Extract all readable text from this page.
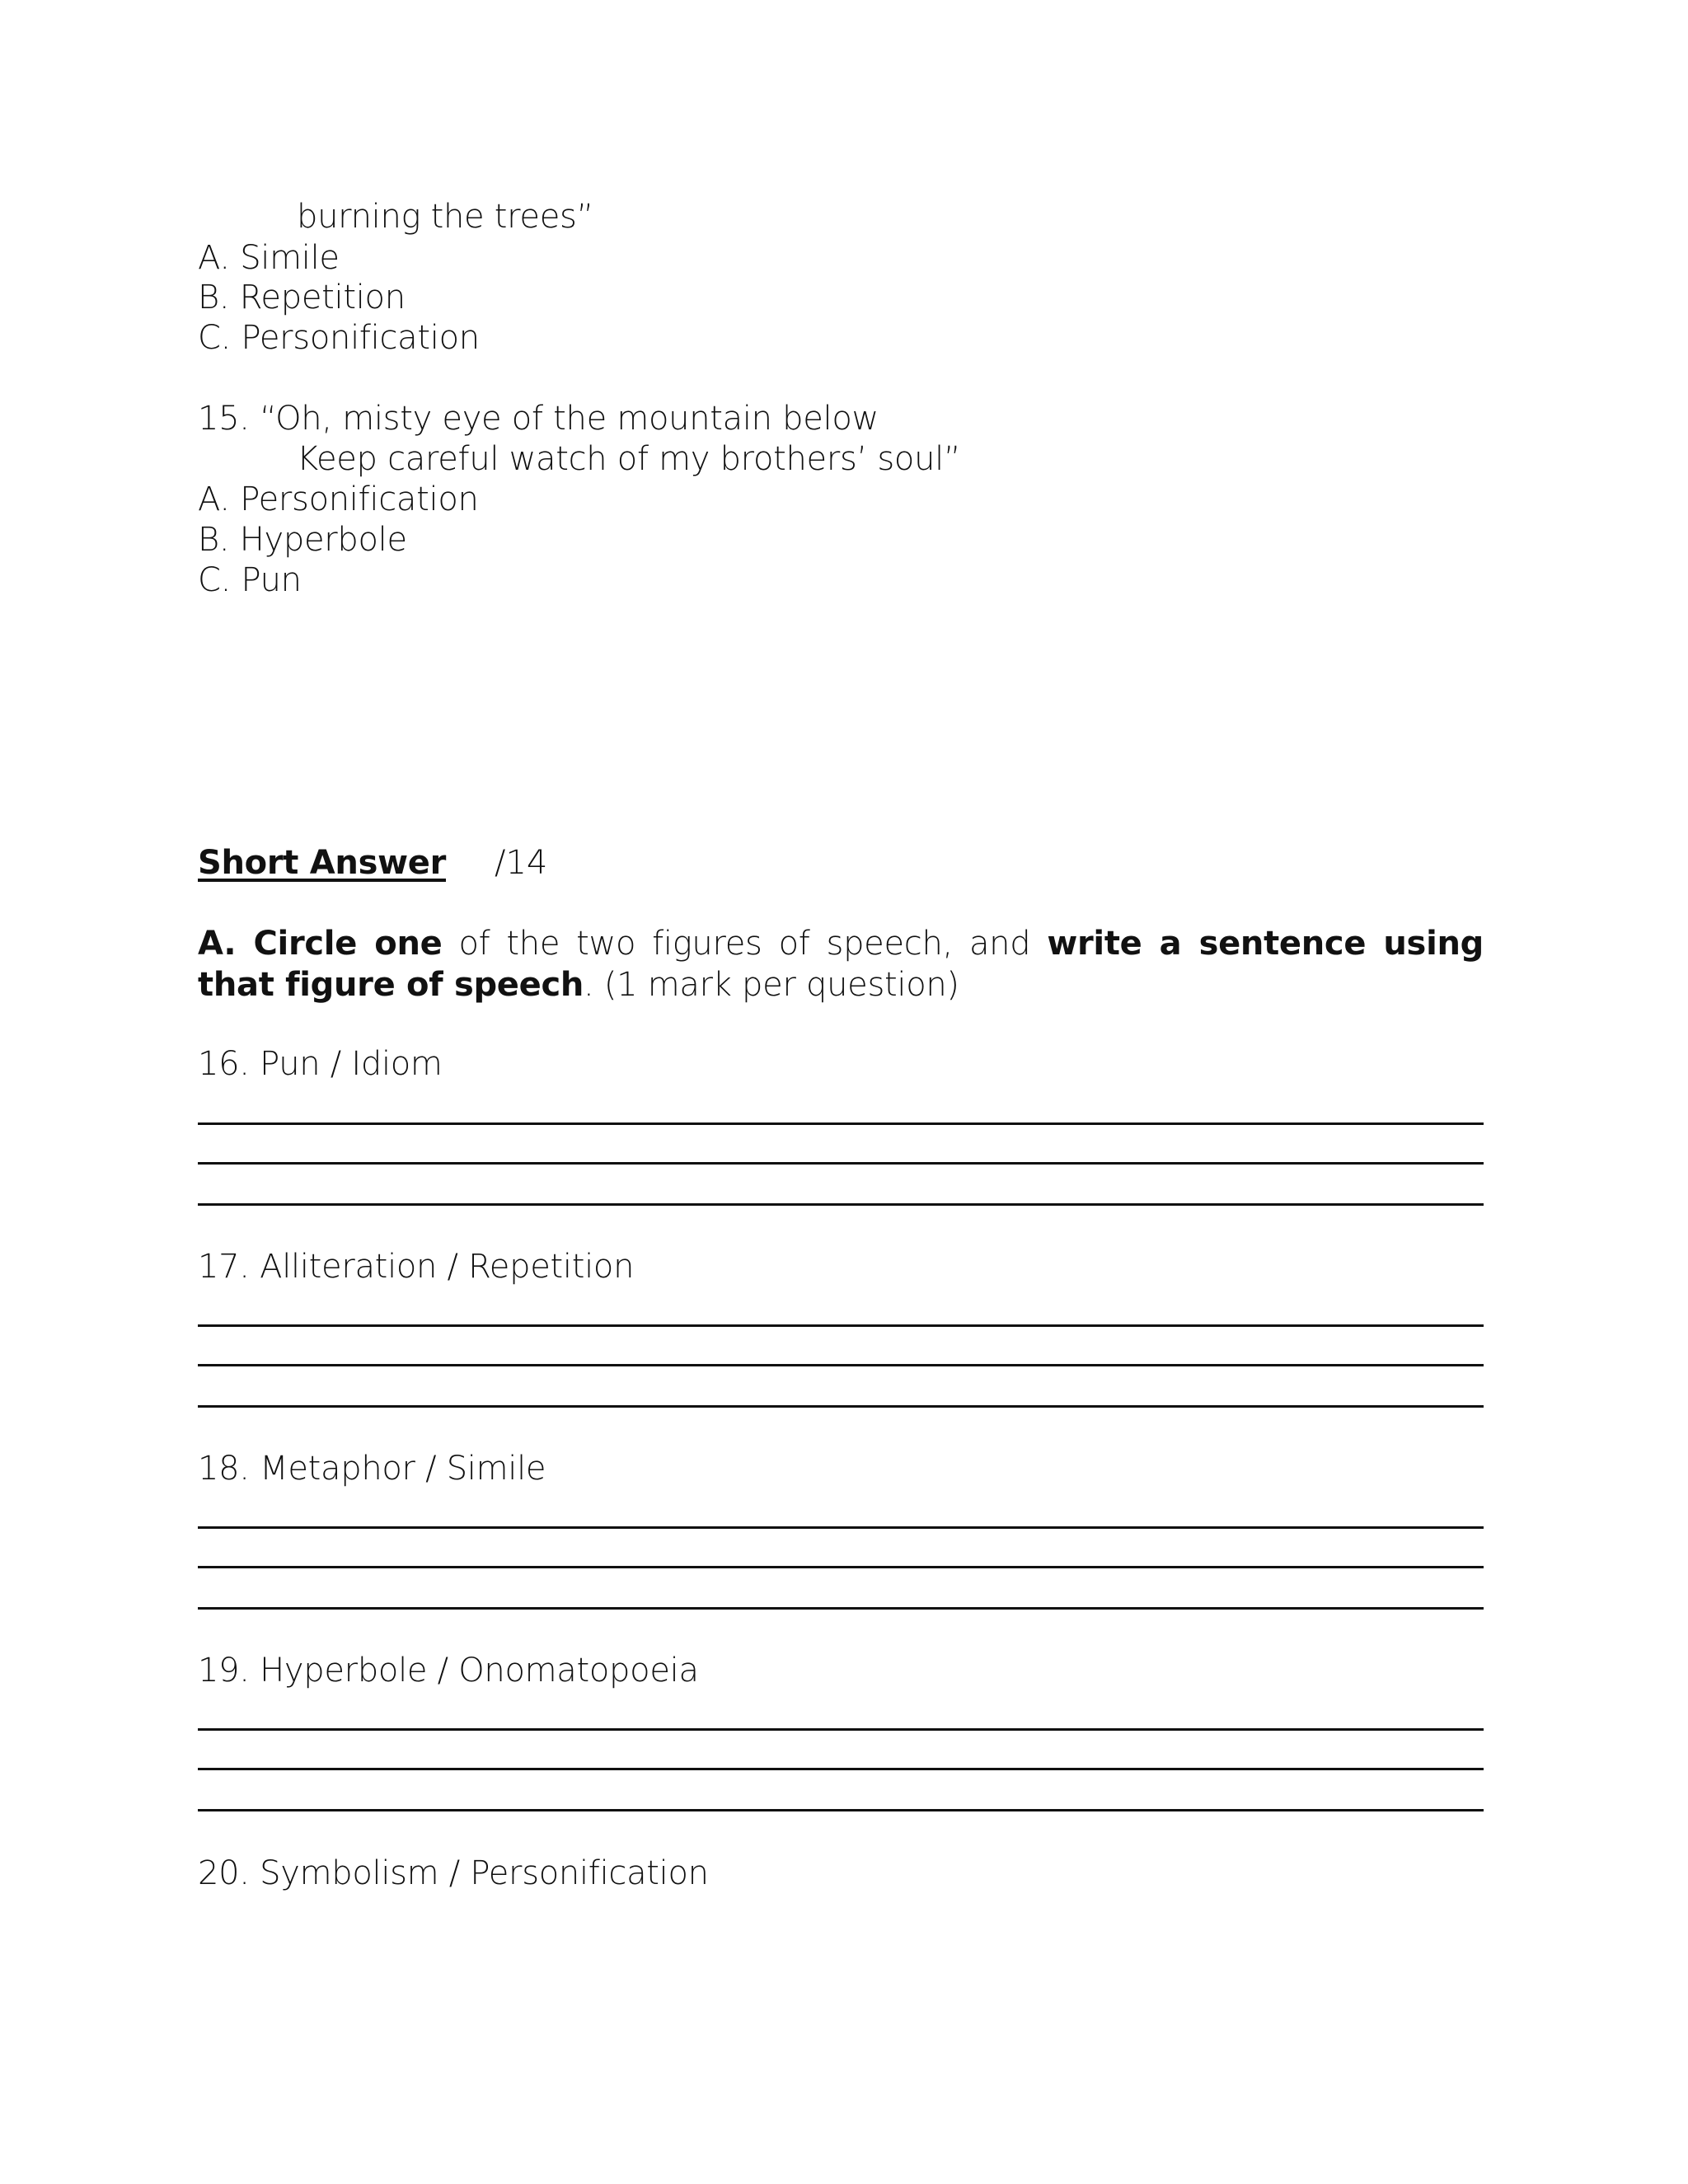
burning the trees”
A. Simile
B. Repetition
C. Personification
15. “Oh, misty eye of the mountain below
Keep careful watch of my brothers’ soul”
A. Personification
B. Hyperbole
C. Pun
Short Answer /14
A. Circle one of the two figures of speech, and write a sentence using that figure of speech. (1 mark per question)
16. Pun / Idiom
17. Alliteration / Repetition
18. Metaphor / Simile
19. Hyperbole / Onomatopoeia
20. Symbolism / Personification
